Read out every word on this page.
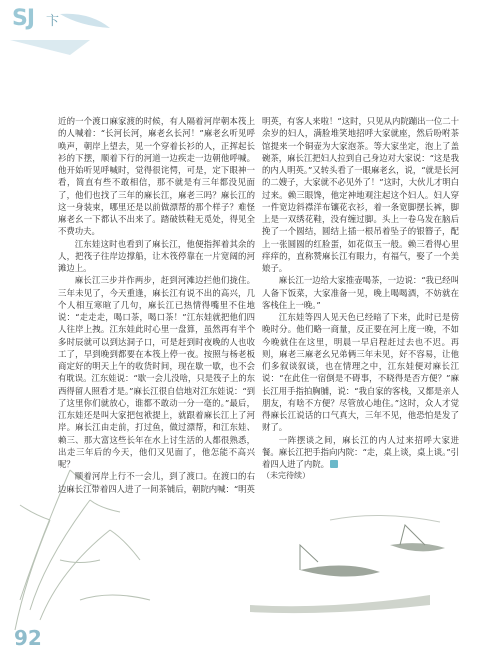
SJ 卞

近的一个渡口麻家渡的时候，有人隔着河岸朝本筏上的人喊着：“长河长河，麻老幺长河！”麻老幺听见呼唤声，朝岸上望去，见一个穿着长衫的人，正挥起长衫的下摆，顺着下行的河道一边疾走一边朝他呼喊。他开始听见呼喊时，觉得很诧愕，可是，定下眼神一看，简直有些不敢相信，那不就是有三年都没见面了，他们也找了三年的麻长江，麻老三吗？麻长江的这一身装束，哪里还是以前做漂帮的那个样子？难怪麻老幺一下都认不出来了。踏破铁鞋无觅处，得见全不费功夫。

江东娃这时也看到了麻长江，他便指挥着其余的人，把筏子往岸边撑船，让木筏停靠在一片宽阔的河滩边上。

麻长江三步并作两步，赶到河滩边拦他们拢住。三年未见了，今天重逢，麻长江有说不出的高兴，几个人相互寒暄了几句，麻长江已热情得嘴里不住地说：“走走走，喝口茶，喝口茶！”江东娃就把他们四人往岸上拽。江东娃此时心里一盘算，虽然再有半个多时辰就可以到达洞子口，可是赶到时夜晚的人也收工了，早到晚到都要在本筏上停一夜。按照与杨老板商定好的明天上午的收货时间，现在歇一歇，也不会有耽误。江东娃说：“歇一会儿没啥，只是筏子上的东西得留人照看才是。”麻长江很自信地对江东娃说：“到了这里你们就放心，谁都不敢动一分一毫的。”最后，江东娃还是叫大家把包袱提上，就跟着麻长江上了河岸。麻长江由走前，打过鱼，做过漂帮，和江东娃、赖三、那大富这些长年在水上讨生活的人都很熟悉，出走三年后的今天，他们又见面了，他怎能不高兴呢？

顺着河岸上行不一会儿，到了渡口。在渡口的右边麻长江带着四人进了一间茶铺后，朝院内喊：“明英

明英，有客人来啦！”这时，只见从内院蹦出一位二十余岁的妇人，满脸堆笑地招呼大家就座，然后吩咐茶馆提来一个铜壶为大家泡茶。等大家坐定，泡上了盖碗茶，麻长江把妇人拉到自己身边对大家说：“这是我的内人明英。”又转头看了一眼麻老幺，说，“就是长河的二嫂子，大家就不必见外了！”这时，大伙儿才明白过来。赖三眼馋，他定神地观注起这个妇人。妇人穿一件宽边斜襟洋布镶花衣衫，着一条宽脚摆长裤，脚上是一双绣花鞋，没有缠过脚。头上一卷乌发在脑后挽了一个圆结，圆结上插一根吊着坠子的银簪子，配上一张圆圆的红脸蛋，如花似玉一般。赖三看得心里痒痒的，直称赞麻长江有眼力，有福气，娶了一个美娘子。

麻长江一边给大家推壶喝茶，一边说：“我已经叫人备下饭菜，大家准备一见，晚上喝喝酒，不妨就在客栈住上一晚。”

江东娃等四人见天色已经暗了下来，此时已是傍晚时分。他们略一商量，反正要在河上度一晚，不如今晚就住在这里，明晨一早启程赶过去也不迟。再则，麻老三麻老幺兄弟俩三年未见，好不容易，让他们多叙谈叙谈，也在情理之中，江东娃便对麻长江说：“在此住一宿倒是不碍事，不晓得是否方便？”麻长江用手指拍胸脯，说：“我自家的客栈，又都是亲人朋友，有啥不方便？尽管放心地住。”这时，众人才觉得麻长江说话的口气真大，三年不见，他恐怕是发了财了。

一阵摆谈之间，麻长江的内人过来招呼大家进餐。麻长江把手指向内院：“走，桌上谈，桌上谈。”引着四人进了内院。

（未完待续）

92
